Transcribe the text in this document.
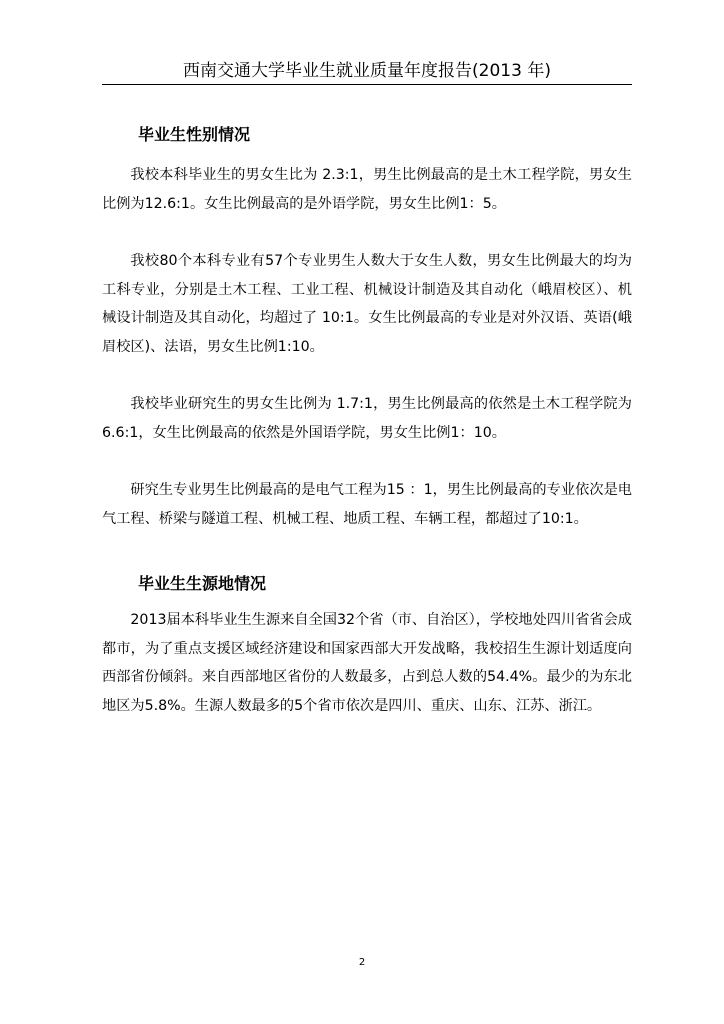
西南交通大学毕业生就业质量年度报告(2013 年)
毕业生性别情况

我校本科毕业生的男女生比为 2.3:1，男生比例最高的是土木工程学院，男女生比例为12.6:1。女生比例最高的是外语学院，男女生比例1：5。

我校80个本科专业有57个专业男生人数大于女生人数，男女生比例最大的均为工科专业，分别是土木工程、工业工程、机械设计制造及其自动化（峨眉校区）、机械设计制造及其自动化，均超过了 10:1。女生比例最高的专业是对外汉语、英语(峨眉校区)、法语，男女生比例1:10。

我校毕业研究生的男女生比例为 1.7:1，男生比例最高的依然是土木工程学院为 6.6:1，女生比例最高的依然是外国语学院，男女生比例1：10。

研究生专业男生比例最高的是电气工程为15 ：1，男生比例最高的专业依次是电气工程、桥梁与隧道工程、机械工程、地质工程、车辆工程，都超过了10:1。

毕业生生源地情况

2013届本科毕业生生源来自全国32个省（市、自治区），学校地处四川省省会成都市，为了重点支援区域经济建设和国家西部大开发战略，我校招生生源计划适度向西部省份倾斜。来自西部地区省份的人数最多，占到总人数的54.4%。最少的为东北地区为5.8%。生源人数最多的5个省市依次是四川、重庆、山东、江苏、浙江。

2
